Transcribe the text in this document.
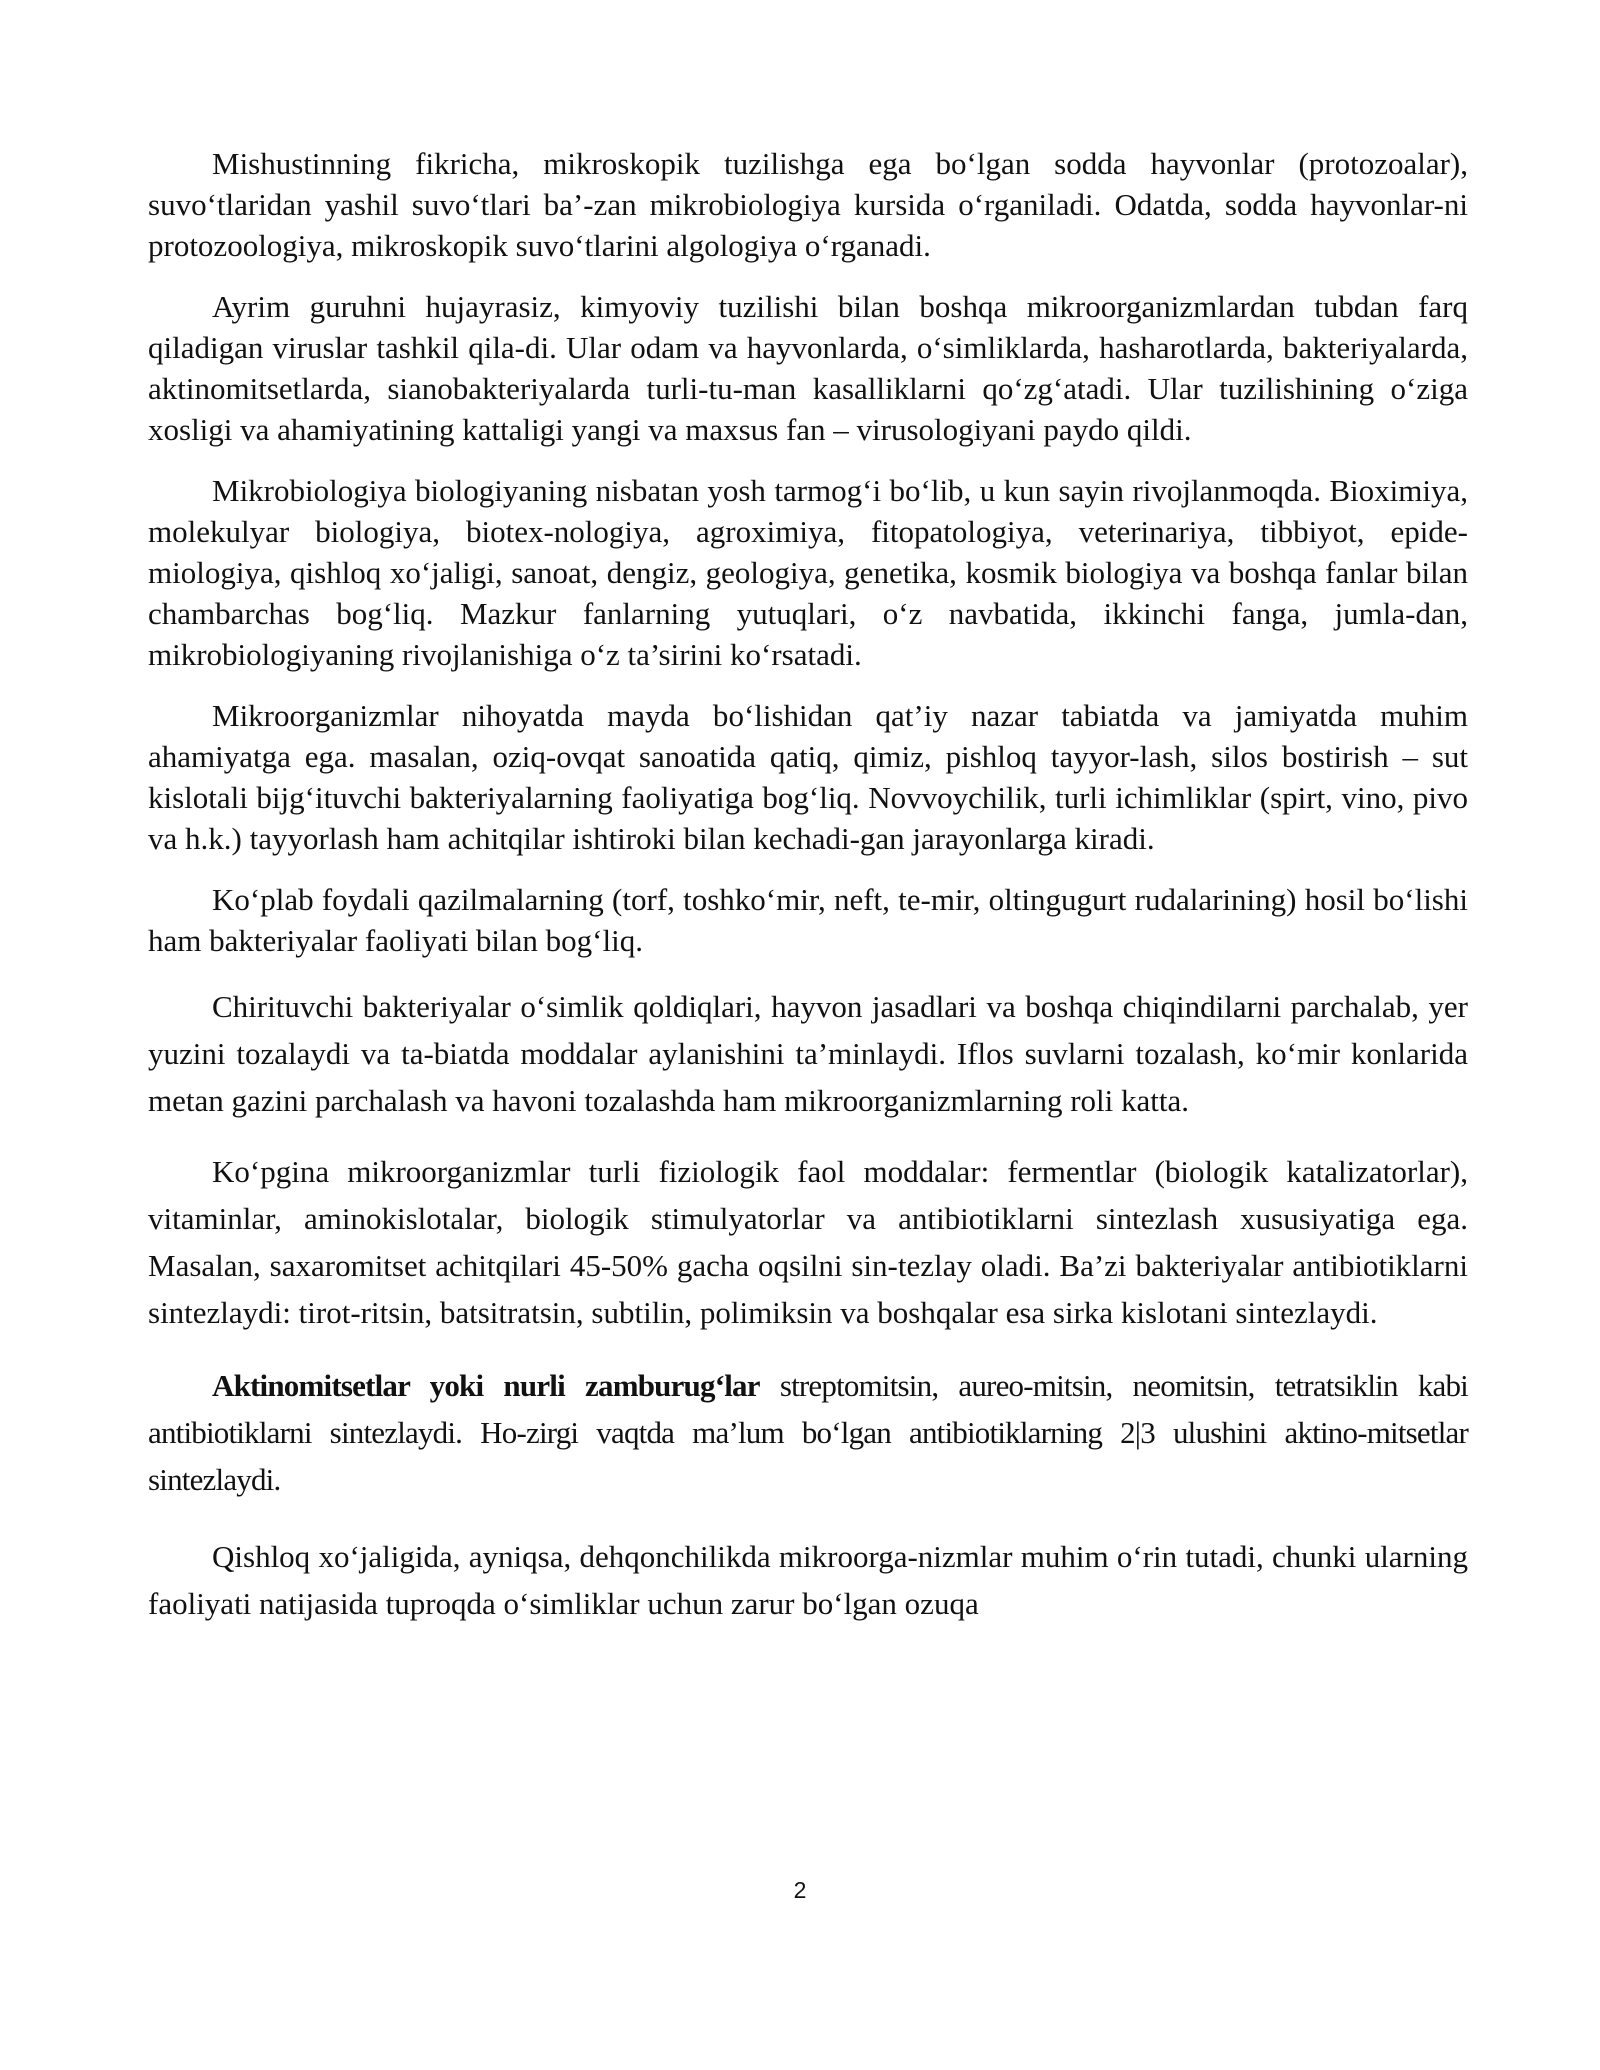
Mishustinning fikricha, mikroskopik tuzilishga ega bo‘lgan sodda hayvonlar (protozoalar), suvo‘tlaridan yashil suvo‘tlari ba’-zan mikrobiologiya kursida o‘rganiladi. Odatda, sodda hayvonlar-ni protozoologiya, mikroskopik suvo‘tlarini algologiya o‘rganadi.

Ayrim guruhni hujayrasiz, kimyoviy tuzilishi bilan boshqa mikroorganizmlardan tubdan farq qiladigan viruslar tashkil qila-di. Ular odam va hayvonlarda, o‘simliklarda, hasharotlarda, bakteriyalarda, aktinomitsetlarda, sianobakteriyalarda turli-tu-man kasalliklarni qo‘zg‘atadi. Ular tuzilishining o‘ziga xosligi va ahamiyatining kattaligi yangi va maxsus fan – virusologiyani paydo qildi.

Mikrobiologiya biologiyaning nisbatan yosh tarmog‘i bo‘lib, u kun sayin rivojlanmoqda. Bioximiya, molekulyar biologiya, biotex-nologiya, agroximiya, fitopatologiya, veterinariya, tibbiyot, epide-miologiya, qishloq xo‘jaligi, sanoat, dengiz, geologiya, genetika, kosmik biologiya va boshqa fanlar bilan chambarchas bog‘liq. Mazkur fanlarning yutuqlari, o‘z navbatida, ikkinchi fanga, jumla-dan, mikrobiologiyaning rivojlanishiga o‘z ta’sirini ko‘rsatadi.

Mikroorganizmlar nihoyatda mayda bo‘lishidan qat’iy nazar tabiatda va jamiyatda muhim ahamiyatga ega. masalan, oziq-ovqat sanoatida qatiq, qimiz, pishloq tayyor-lash, silos bostirish – sut kislotali bijg‘ituvchi bakteriyalarning faoliyatiga bog‘liq. Novvoychilik, turli ichimliklar (spirt, vino, pivo va h.k.) tayyorlash ham achitqilar ishtiroki bilan kechadi-gan jarayonlarga kiradi.

Ko‘plab foydali qazilmalarning (torf, toshko‘mir, neft, te-mir, oltingugurt rudalarining) hosil bo‘lishi ham bakteriyalar faoliyati bilan bog‘liq.

Chirituvchi bakteriyalar o‘simlik qoldiqlari, hayvon jasadlari va boshqa chiqindilarni parchalab, yer yuzini tozalaydi va ta-biatda moddalar aylanishini ta’minlaydi. Iflos suvlarni tozalash, ko‘mir konlarida metan gazini parchalash va havoni tozalashda ham mikroorganizmlarning roli katta.

Ko‘pgina mikroorganizmlar turli fiziologik faol moddalar: fermentlar (biologik katalizatorlar), vitaminlar, aminokislotalar, biologik stimulyatorlar va antibiotiklarni sintezlash xususiyatiga ega. Masalan, saxaromitset achitqilari 45-50% gacha oqsilni sin-tezlay oladi. Ba’zi bakteriyalar antibiotiklarni sintezlaydi: tirot-ritsin, batsitratsin, subtilin, polimiksin va boshqalar esa sirka kislotani sintezlaydi.

Aktinomitsetlar yoki nurli zamburug‘lar streptomitsin, aureo-mitsin, neomitsin, tetratsiklin kabi antibiotiklarni sintezlaydi. Ho-zirgi vaqtda ma’lum bo‘lgan antibiotiklarning 2|3 ulushini aktino-mitsetlar sintezlaydi.

Qishloq xo‘jaligida, ayniqsa, dehqonchilikda mikroorga-nizmlar muhim o‘rin tutadi, chunki ularning faoliyati natijasida tuproqda o‘simliklar uchun zarur bo‘lgan ozuqa

2
